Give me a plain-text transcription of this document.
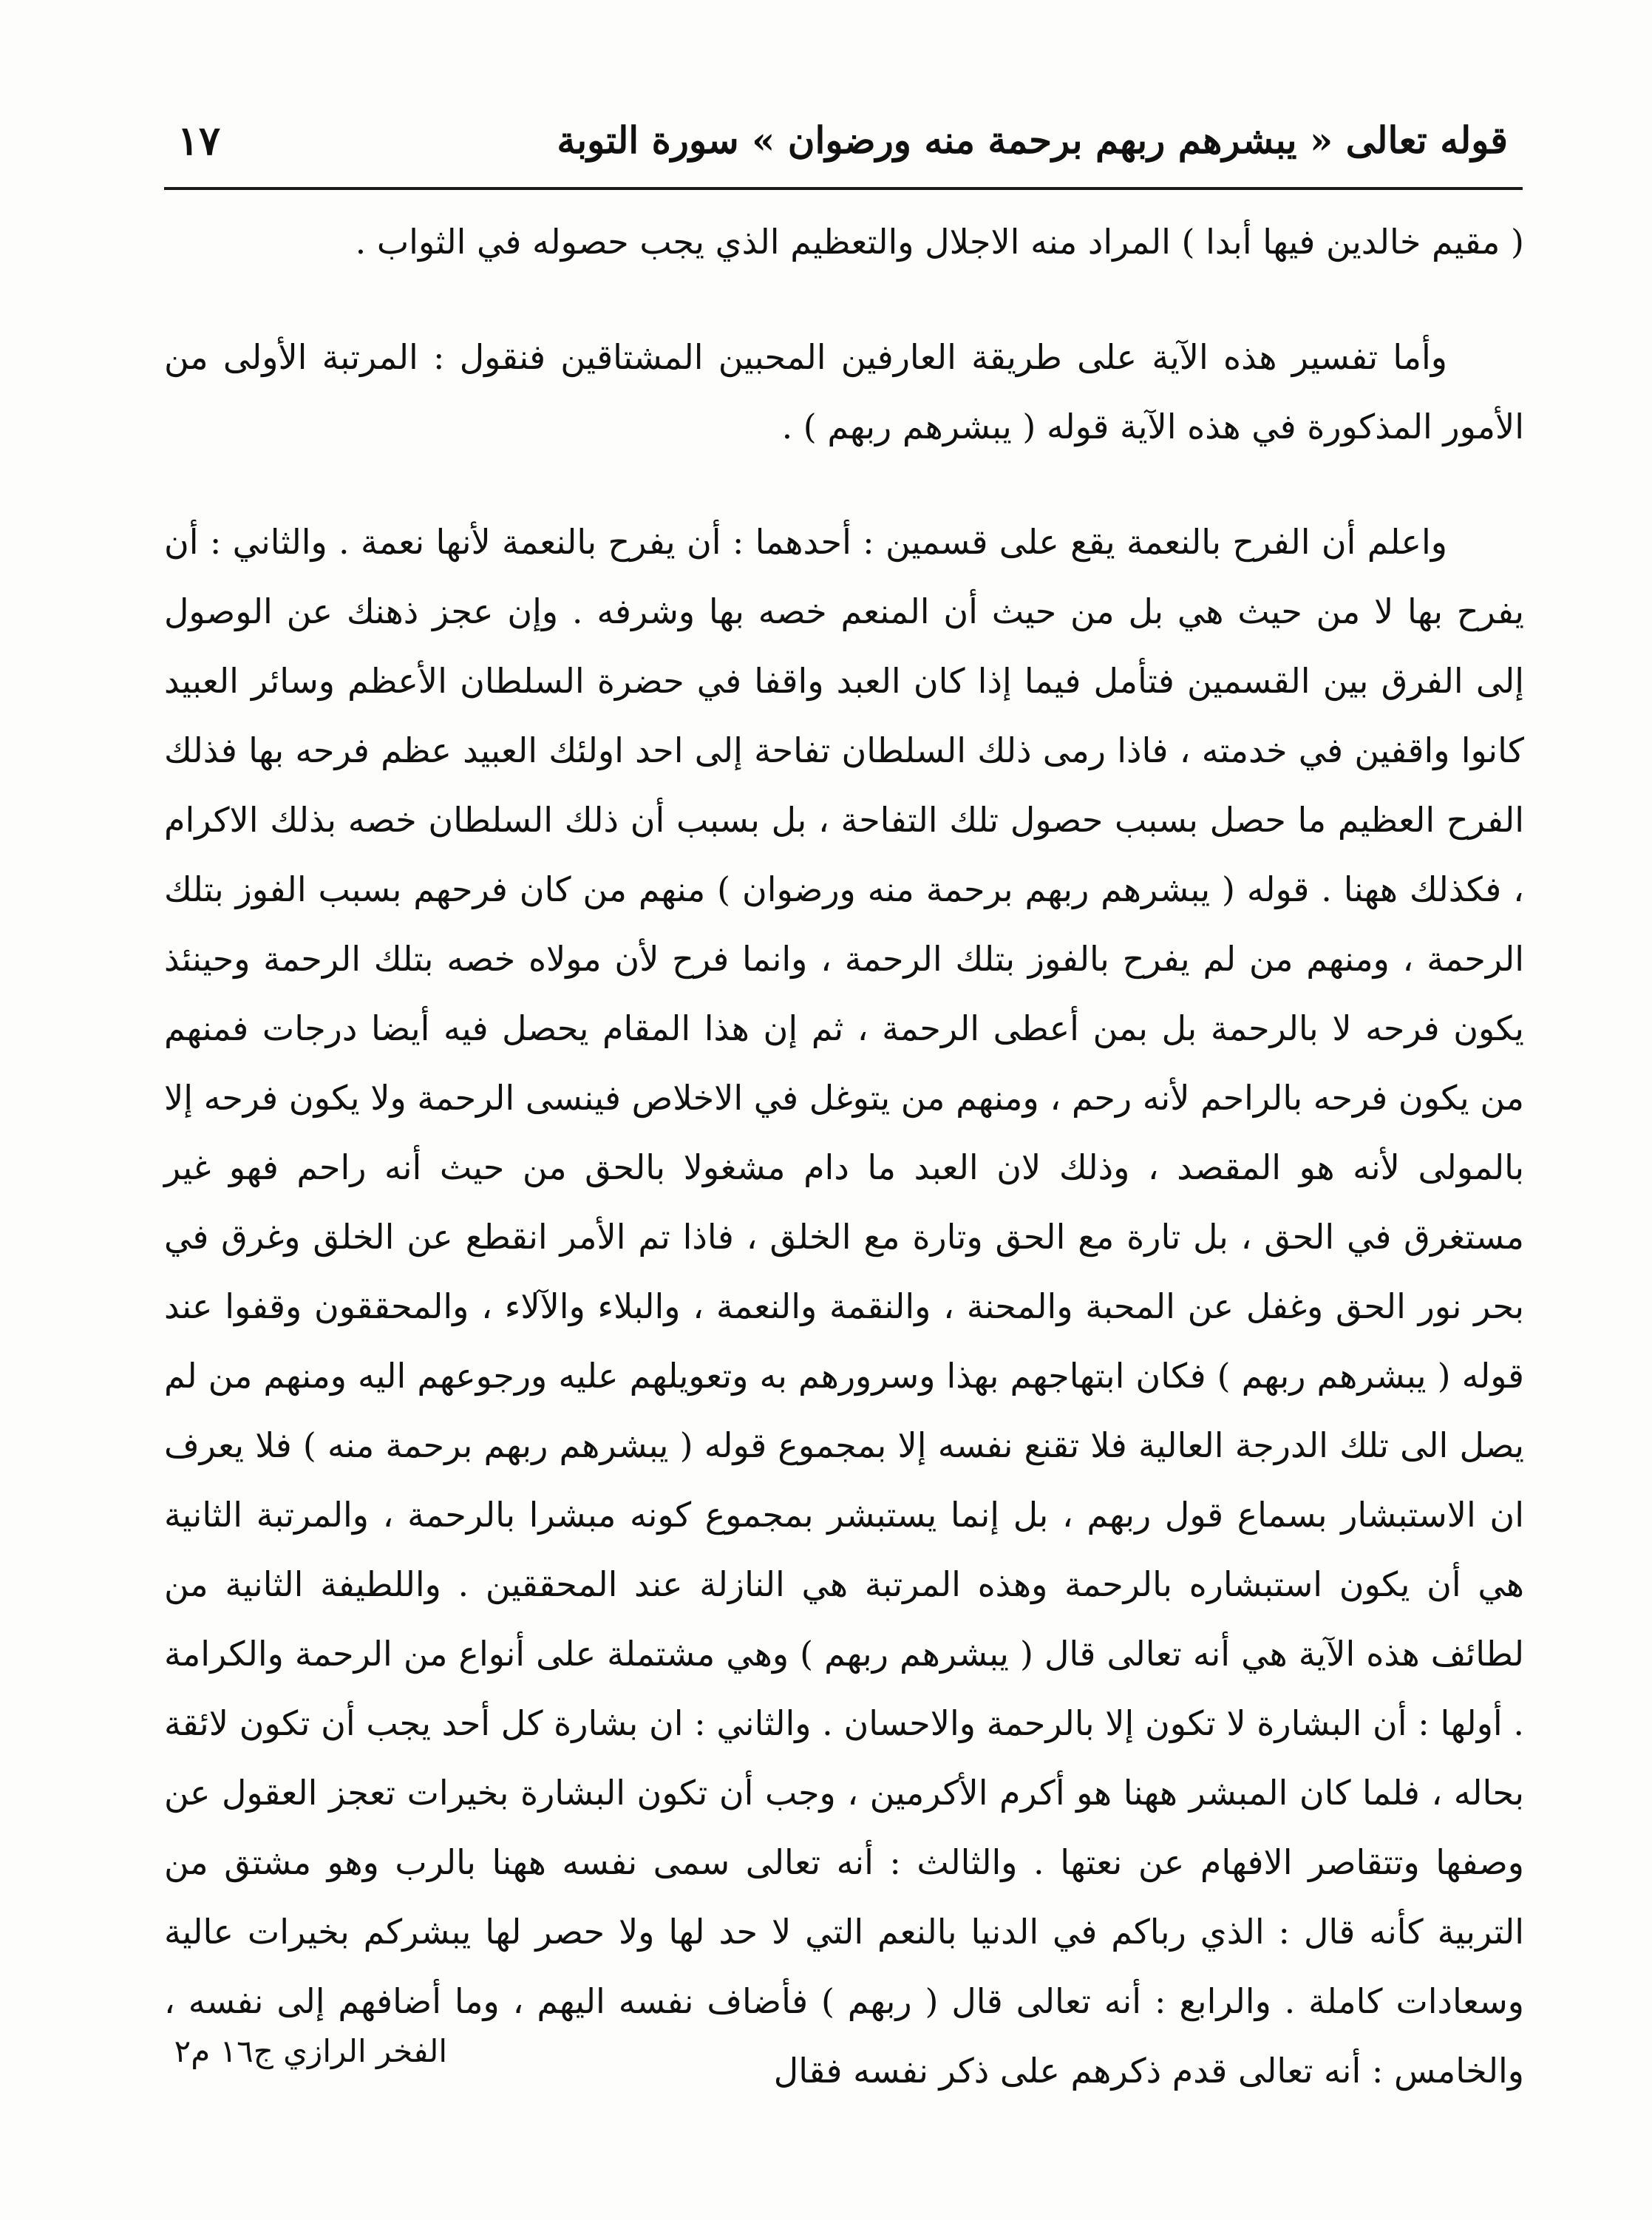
قوله تعالى « يبشرهم ربهم برحمة منه ورضوان » سورة التوبة
١٧

( مقيم خالدين فيها أبدا ) المراد منه الاجلال والتعظيم الذي يجب حصوله في الثواب .

وأما تفسير هذه الآية على طريقة العارفين المحبين المشتاقين فنقول : المرتبة الأولى من الأمور المذكورة في هذه الآية قوله ( يبشرهم ربهم ) .

واعلم أن الفرح بالنعمة يقع على قسمين : أحدهما : أن يفرح بالنعمة لأنها نعمة . والثاني : أن يفرح بها لا من حيث هي بل من حيث أن المنعم خصه بها وشرفه . وإن عجز ذهنك عن الوصول إلى الفرق بين القسمين فتأمل فيما إذا كان العبد واقفا في حضرة السلطان الأعظم وسائر العبيد كانوا واقفين في خدمته ، فاذا رمى ذلك السلطان تفاحة إلى احد اولئك العبيد عظم فرحه بها فذلك الفرح العظيم ما حصل بسبب حصول تلك التفاحة ، بل بسبب أن ذلك السلطان خصه بذلك الاكرام ، فكذلك ههنا . قوله ( يبشرهم ربهم برحمة منه ورضوان ) منهم من كان فرحهم بسبب الفوز بتلك الرحمة ، ومنهم من لم يفرح بالفوز بتلك الرحمة ، وانما فرح لأن مولاه خصه بتلك الرحمة وحينئذ يكون فرحه لا بالرحمة بل بمن أعطى الرحمة ، ثم إن هذا المقام يحصل فيه أيضا درجات فمنهم من يكون فرحه بالراحم لأنه رحم ، ومنهم من يتوغل في الاخلاص فينسى الرحمة ولا يكون فرحه إلا بالمولى لأنه هو المقصد ، وذلك لان العبد ما دام مشغولا بالحق من حيث أنه راحم فهو غير مستغرق في الحق ، بل تارة مع الحق وتارة مع الخلق ، فاذا تم الأمر انقطع عن الخلق وغرق في بحر نور الحق وغفل عن المحبة والمحنة ، والنقمة والنعمة ، والبلاء والآلاء ، والمحققون وقفوا عند قوله ( يبشرهم ربهم ) فكان ابتهاجهم بهذا وسرورهم به وتعويلهم عليه ورجوعهم اليه ومنهم من لم يصل الى تلك الدرجة العالية فلا تقنع نفسه إلا بمجموع قوله ( يبشرهم ربهم برحمة منه ) فلا يعرف ان الاستبشار بسماع قول ربهم ، بل إنما يستبشر بمجموع كونه مبشرا بالرحمة ، والمرتبة الثانية هي أن يكون استبشاره بالرحمة وهذه المرتبة هي النازلة عند المحققين . واللطيفة الثانية من لطائف هذه الآية هي أنه تعالى قال ( يبشرهم ربهم ) وهي مشتملة على أنواع من الرحمة والكرامة . أولها : أن البشارة لا تكون إلا بالرحمة والاحسان . والثاني : ان بشارة كل أحد يجب أن تكون لائقة بحاله ، فلما كان المبشر ههنا هو أكرم الأكرمين ، وجب أن تكون البشارة بخيرات تعجز العقول عن وصفها وتتقاصر الافهام عن نعتها . والثالث : أنه تعالى سمى نفسه ههنا بالرب وهو مشتق من التربية كأنه قال : الذي رباكم في الدنيا بالنعم التي لا حد لها ولا حصر لها يبشركم بخيرات عالية وسعادات كاملة . والرابع : أنه تعالى قال ( ربهم ) فأضاف نفسه اليهم ، وما أضافهم إلى نفسه ، والخامس : أنه تعالى قدم ذكرهم على ذكر نفسه فقال

الفخر الرازي ج١٦ م٢
